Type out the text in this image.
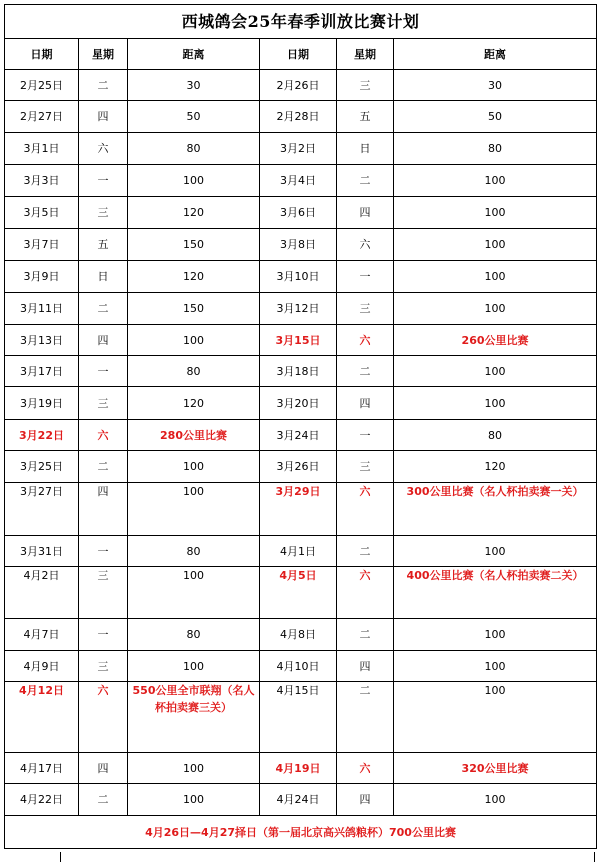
西城鸽会25年春季训放比赛计划					
日期	星期	距离	日期	星期	距离
2月25日	二	30	2月26日	三	30
2月27日	四	50	2月28日	五	50
3月1日	六	80	3月2日	日	80
3月3日	一	100	3月4日	二	100
3月5日	三	120	3月6日	四	100
3月7日	五	150	3月8日	六	100
3月9日	日	120	3月10日	一	100
3月11日	二	150	3月12日	三	100
3月13日	四	100	3月15日	六	260公里比赛
3月17日	一	80	3月18日	二	100
3月19日	三	120	3月20日	四	100
3月22日	六	280公里比赛	3月24日	一	80
3月25日	二	100	3月26日	三	120
3月27日	四	100	3月29日	六	300公里比赛（名人杯拍卖赛一关）
3月31日	一	80	4月1日	二	100
4月2日	三	100	4月5日	六	400公里比赛（名人杯拍卖赛二关）
4月7日	一	80	4月8日	二	100
4月9日	三	100	4月10日	四	100
4月12日	六	550公里全市联翔（名人杯拍卖赛三关）	4月15日	二	100
4月17日	四	100	4月19日	六	320公里比赛
4月22日	二	100	4月24日	四	100
4月26日—4月27择日（第一届北京高兴鸽粮杯）700公里比赛					
